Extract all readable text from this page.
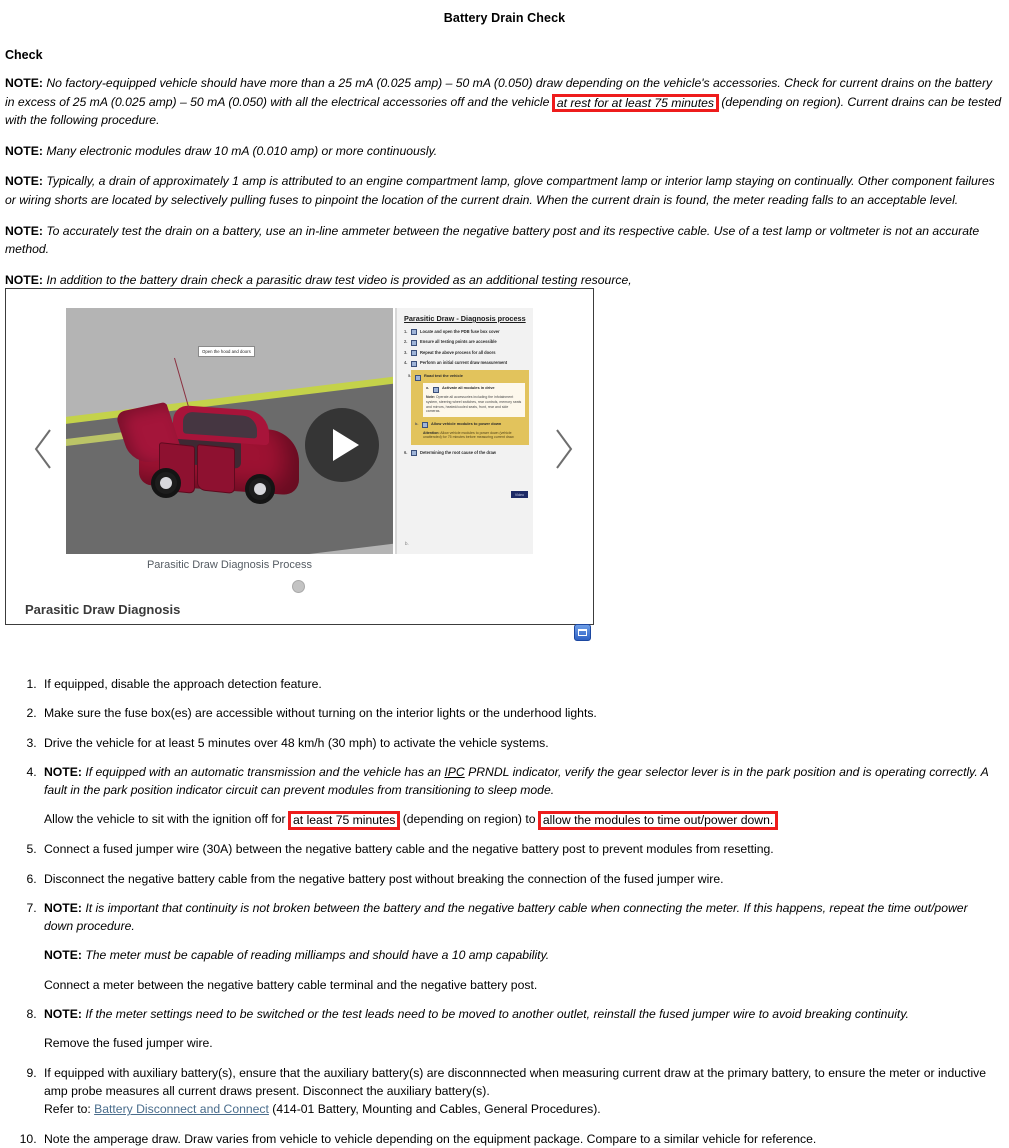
Battery Drain Check
Check
NOTE: No factory-equipped vehicle should have more than a 25 mA (0.025 amp) – 50 mA (0.050) draw depending on the vehicle's accessories. Check for current drains on the battery in excess of 25 mA (0.025 amp) – 50 mA (0.050) with all the electrical accessories off and the vehicle at rest for at least 75 minutes (depending on region). Current drains can be tested with the following procedure.
NOTE: Many electronic modules draw 10 mA (0.010 amp) or more continuously.
NOTE: Typically, a drain of approximately 1 amp is attributed to an engine compartment lamp, glove compartment lamp or interior lamp staying on continually. Other component failures or wiring shorts are located by selectively pulling fuses to pinpoint the location of the current drain. When the current drain is found, the meter reading falls to an acceptable level.
NOTE: To accurately test the drain on a battery, use an in-line ammeter between the negative battery post and its respective cable. Use of a test lamp or voltmeter is not an accurate method.
NOTE: In addition to the battery drain check a parasitic draw test video is provided as an additional testing resource,
Open the hood and doors
Parasitic Draw - Diagnosis process
1.	Locate and open the PDB fuse box cover
2.	Ensure all testing points are accessible
3.	Repeat the above process for all doors
4.	Perform an initial current draw measurement
5.	Road test the vehicle
a.	Activate all modules in drive
Note: Operate all accessories including the infotainment system, steering wheel switches, rear controls, memory seats and mirrors, heated/cooled seats, front, rear and side cameras.
b.	Allow vehicle modules to power down
Attention: Allow vehicle modules to power down (vehicle unattended) for 75 minutes before measuring current draw.
6.	Determining the root cause of the draw
Video
b.
Parasitic Draw Diagnosis Process
Parasitic Draw Diagnosis
1. If equipped, disable the approach detection feature.
2. Make sure the fuse box(es) are accessible without turning on the interior lights or the underhood lights.
3. Drive the vehicle for at least 5 minutes over 48 km/h (30 mph) to activate the vehicle systems.
4. NOTE: If equipped with an automatic transmission and the vehicle has an IPC PRNDL indicator, verify the gear selector lever is in the park position and is operating correctly. A fault in the park position indicator circuit can prevent modules from transitioning to sleep mode.
Allow the vehicle to sit with the ignition off for at least 75 minutes (depending on region) to allow the modules to time out/power down.
5. Connect a fused jumper wire (30A) between the negative battery cable and the negative battery post to prevent modules from resetting.
6. Disconnect the negative battery cable from the negative battery post without breaking the connection of the fused jumper wire.
7. NOTE: It is important that continuity is not broken between the battery and the negative battery cable when connecting the meter. If this happens, repeat the time out/power down procedure.
NOTE: The meter must be capable of reading milliamps and should have a 10 amp capability.
Connect a meter between the negative battery cable terminal and the negative battery post.
8. NOTE: If the meter settings need to be switched or the test leads need to be moved to another outlet, reinstall the fused jumper wire to avoid breaking continuity.
Remove the fused jumper wire.
9. If equipped with auxiliary battery(s), ensure that the auxiliary battery(s) are disconnnected when measuring current draw at the primary battery, to ensure the meter or inductive amp probe measures all current draws present. Disconnect the auxiliary battery(s).
Refer to: Battery Disconnect and Connect (414-01 Battery, Mounting and Cables, General Procedures).
10. Note the amperage draw. Draw varies from vehicle to vehicle depending on the equipment package. Compare to a similar vehicle for reference.
